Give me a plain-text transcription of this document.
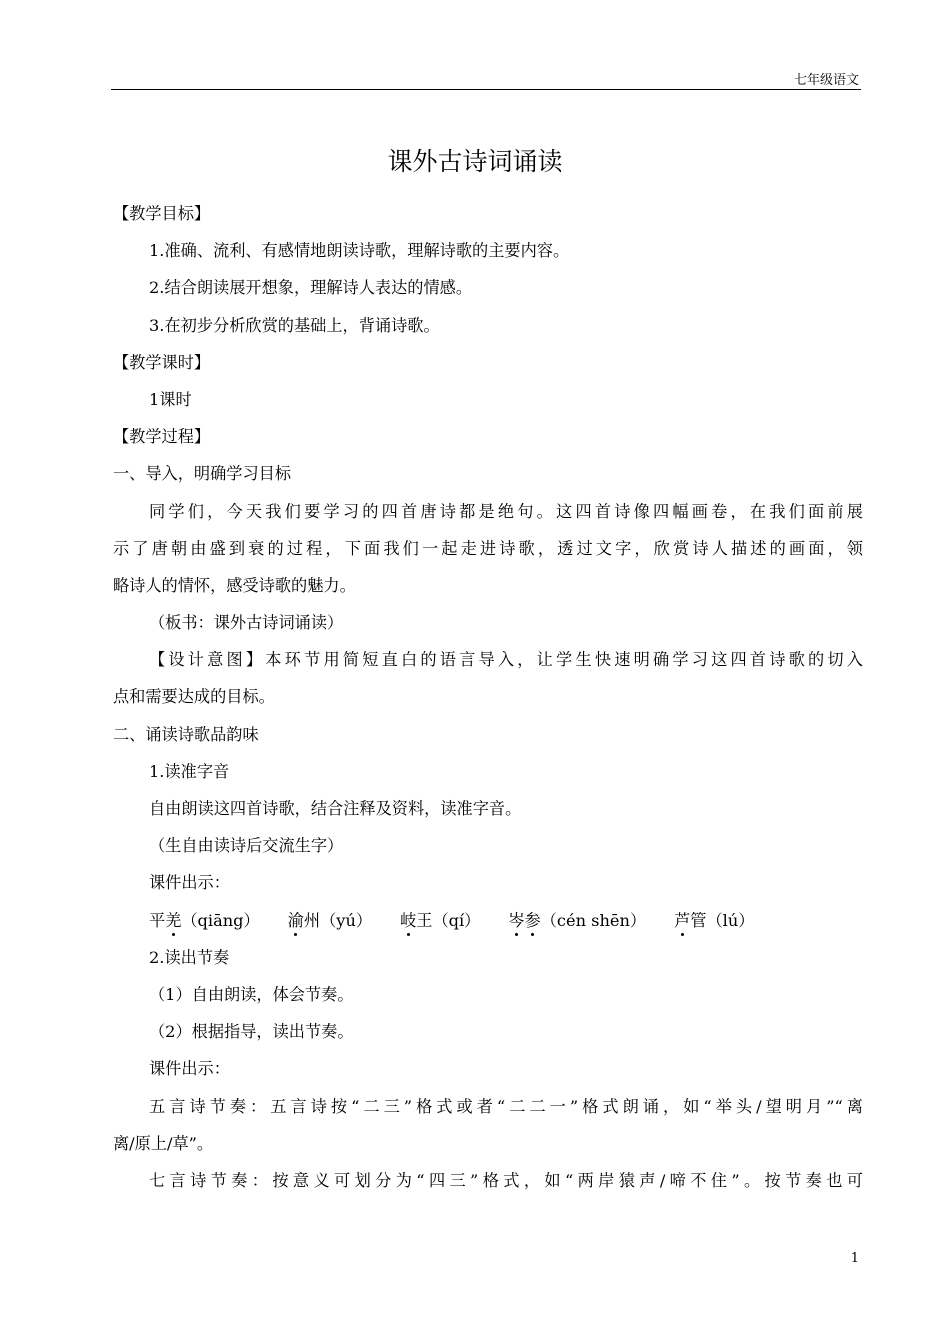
七年级语文
课外古诗词诵读
【教学目标】
1.准确、流利、有感情地朗读诗歌，理解诗歌的主要内容。
2.结合朗读展开想象，理解诗人表达的情感。
3.在初步分析欣赏的基础上，背诵诗歌。
【教学课时】
1课时
【教学过程】
一、导入，明确学习目标
同学们，今天我们要学习的四首唐诗都是绝句。这四首诗像四幅画卷，在我们面前展
示了唐朝由盛到衰的过程，下面我们一起走进诗歌，透过文字，欣赏诗人描述的画面，领
略诗人的情怀，感受诗歌的魅力。
（板书：课外古诗词诵读）
【设计意图】本环节用简短直白的语言导入，让学生快速明确学习这四首诗歌的切入
点和需要达成的目标。
二、诵读诗歌品韵味
1.读准字音
自由朗读这四首诗歌，结合注释及资料，读准字音。
（生自由读诗后交流生字）
课件出示：
平羌（qiāng） 渝州（yú） 岐王（qí） 岑参（cén shēn） 芦管（lú）
2.读出节奏
（1）自由朗读，体会节奏。
（2）根据指导，读出节奏。
课件出示：
五言诗节奏：五言诗按“二三”格式或者“二二一”格式朗诵，如“举头/望明月”“离
离/原上/草”。
七言诗节奏：按意义可划分为“四三”格式，如“两岸猿声/啼不住”。按节奏也可
1
